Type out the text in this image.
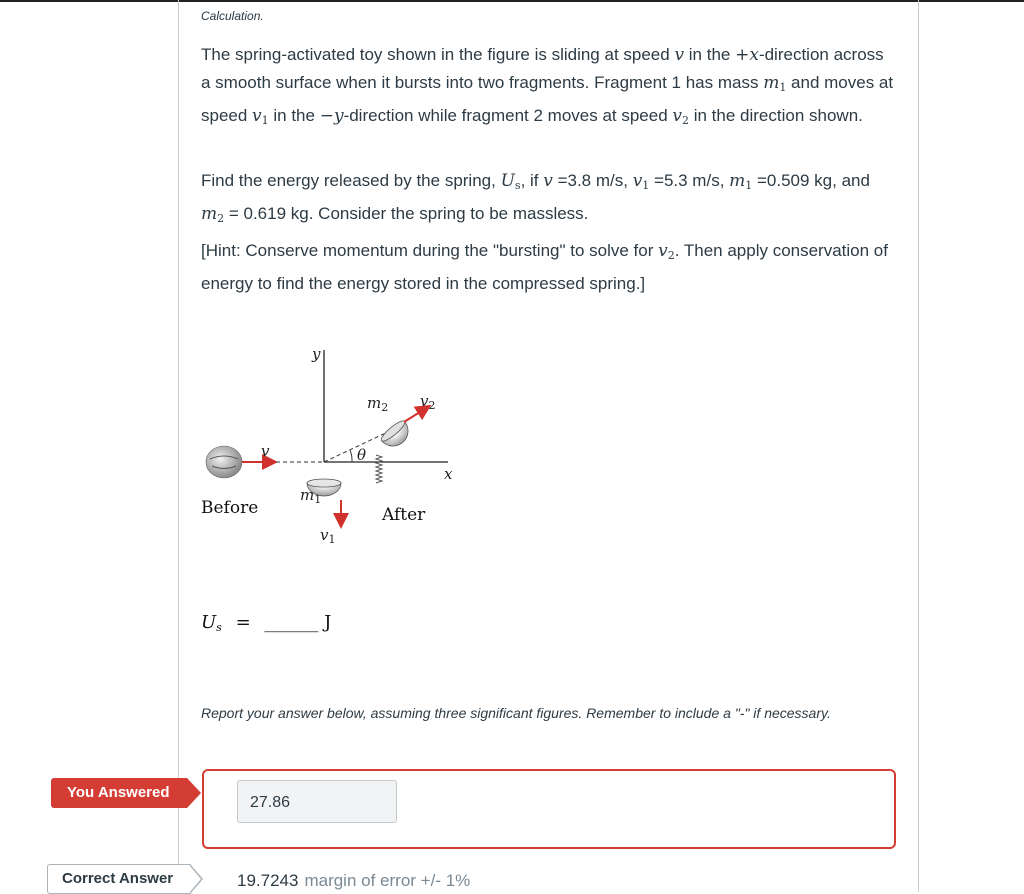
Calculation.
The spring-activated toy shown in the figure is sliding at speed v in the +x-direction across a smooth surface when it bursts into two fragments. Fragment 1 has mass $m_1$ and moves at speed $v_1$ in the −y-direction while fragment 2 moves at speed $v_2$ in the direction shown.
Find the energy released by the spring, $U_s$, if v =3.8 m/s, $v_1 =5.3$ m/s, $m_1 =0.509$ kg, and $m_2 = 0.619$ kg. Consider the spring to be massless.
[Hint: Conserve momentum during the "bursting" to solve for $v_2$. Then apply conservation of energy to find the energy stored in the compressed spring.]
y
x
v	θ
$m_2$ $v_2$
$m_1$
$v_1$
Before	After
$U_s$ = ______ J
Report your answer below, assuming three significant figures. Remember to include a "-" if necessary.
You Answered
27.86
Correct Answer	19.7243 margin of error +/- 1%
